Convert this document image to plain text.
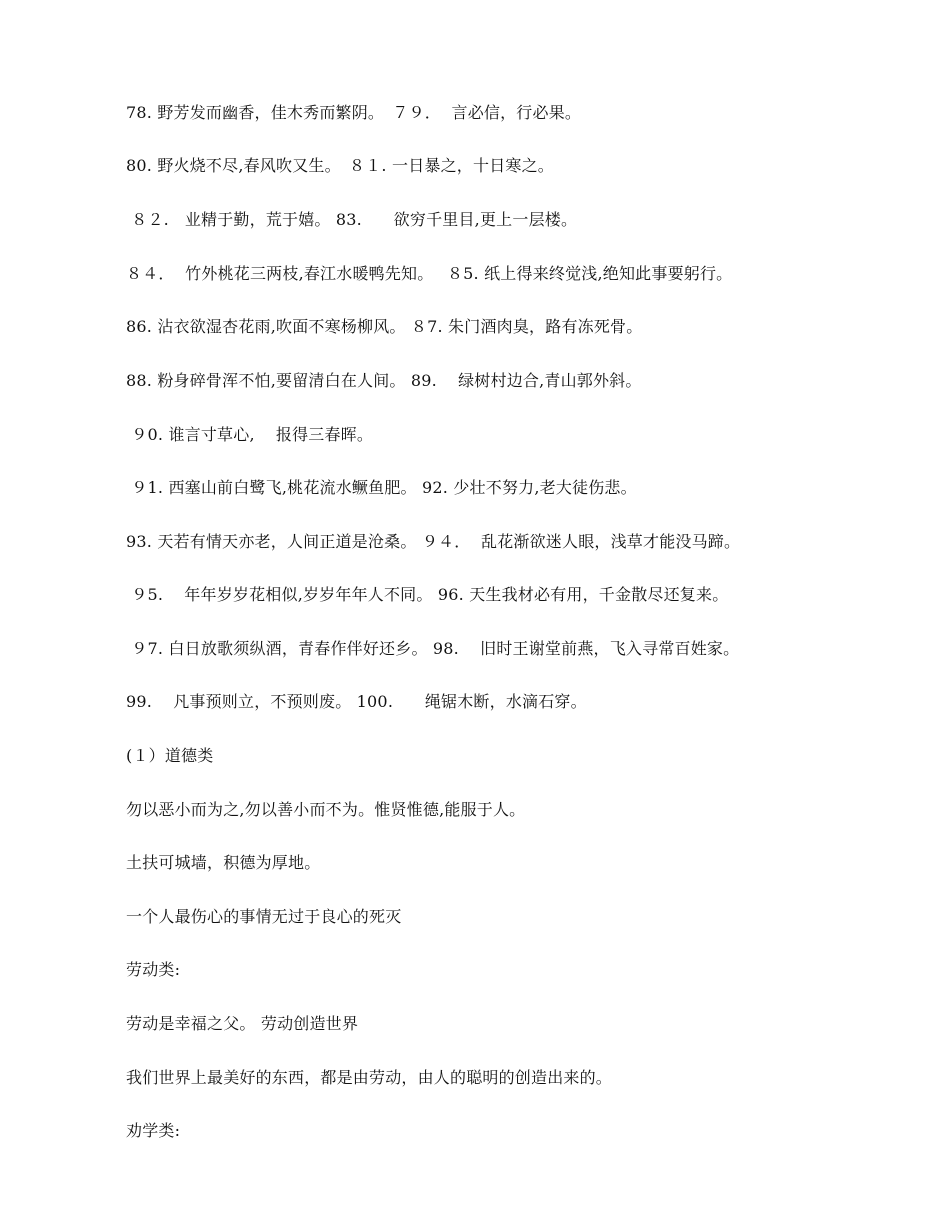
78. 野芳发而幽香，佳木秀而繁阴。　７９．  言必信，行必果。
80. 野火烧不尽,春风吹又生。　８１. 一日暴之，十日寒之。
８２.   业精于勤，荒于嬉。 83.      欲穷千里目,更上一层楼。
８４．  竹外桃花三两枝,春江水暖鸭先知。　 ８5. 纸上得来终觉浅,绝知此事要躬行。
86. 沾衣欲湿杏花雨,吹面不寒杨柳风。 ８7. 朱门酒肉臭，路有冻死骨。
88. 粉身碎骨浑不怕,要留清白在人间。 89.    绿树村边合,青山郭外斜。
９0. 谁言寸草心,    报得三春晖。
９1. 西塞山前白鹭飞,桃花流水鳜鱼肥。 92. 少壮不努力,老大徒伤悲。
93. 天若有情天亦老，人间正道是沧桑。 ９４．  乱花渐欲迷人眼，浅草才能没马蹄。
９5.    年年岁岁花相似,岁岁年年人不同。 96. 天生我材必有用，千金散尽还复来。
９7. 白日放歌须纵酒，青春作伴好还乡。 98.    旧时王谢堂前燕，飞入寻常百姓家。
99.    凡事预则立，不预则废。 100.      绳锯木断，水滴石穿。
(１）道德类
勿以恶小而为之,勿以善小而不为。惟贤惟德,能服于人。
土扶可城墙，积德为厚地。
一个人最伤心的事情无过于良心的死灭
劳动类:
劳动是幸福之父。 劳动创造世界
我们世界上最美好的东西，都是由劳动，由人的聪明的创造出来的。
劝学类:
